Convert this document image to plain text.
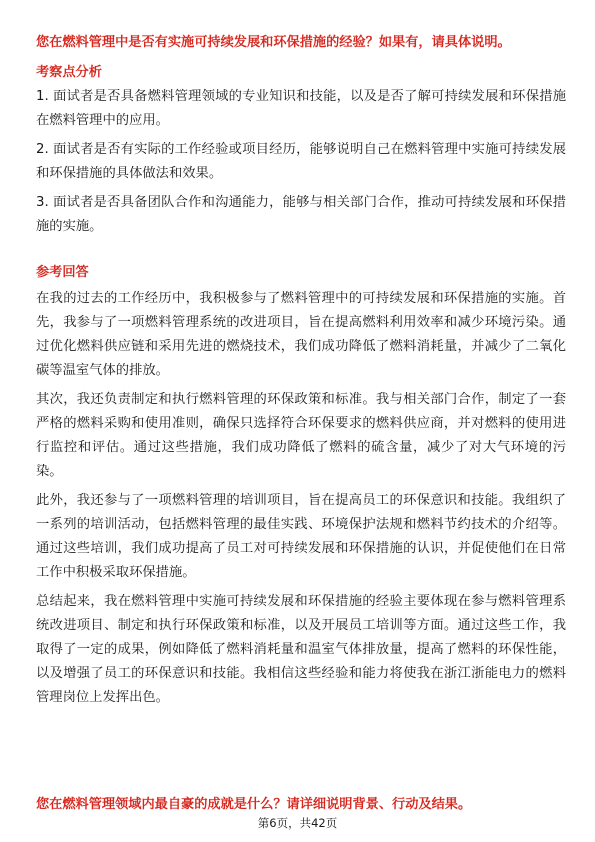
您在燃料管理中是否有实施可持续发展和环保措施的经验？如果有，请具体说明。
考察点分析

1. 面试者是否具备燃料管理领域的专业知识和技能，以及是否了解可持续发展和环保措施在燃料管理中的应用。

2. 面试者是否有实际的工作经验或项目经历，能够说明自己在燃料管理中实施可持续发展和环保措施的具体做法和效果。

3. 面试者是否具备团队合作和沟通能力，能够与相关部门合作，推动可持续发展和环保措施的实施。

参考回答

在我的过去的工作经历中，我积极参与了燃料管理中的可持续发展和环保措施的实施。首先，我参与了一项燃料管理系统的改进项目，旨在提高燃料利用效率和减少环境污染。通过优化燃料供应链和采用先进的燃烧技术，我们成功降低了燃料消耗量，并减少了二氧化碳等温室气体的排放。

其次，我还负责制定和执行燃料管理的环保政策和标准。我与相关部门合作，制定了一套严格的燃料采购和使用准则，确保只选择符合环保要求的燃料供应商，并对燃料的使用进行监控和评估。通过这些措施，我们成功降低了燃料的硫含量，减少了对大气环境的污染。

此外，我还参与了一项燃料管理的培训项目，旨在提高员工的环保意识和技能。我组织了一系列的培训活动，包括燃料管理的最佳实践、环境保护法规和燃料节约技术的介绍等。通过这些培训，我们成功提高了员工对可持续发展和环保措施的认识，并促使他们在日常工作中积极采取环保措施。

总结起来，我在燃料管理中实施可持续发展和环保措施的经验主要体现在参与燃料管理系统改进项目、制定和执行环保政策和标准，以及开展员工培训等方面。通过这些工作，我取得了一定的成果，例如降低了燃料消耗量和温室气体排放量，提高了燃料的环保性能，以及增强了员工的环保意识和技能。我相信这些经验和能力将使我在浙江浙能电力的燃料管理岗位上发挥出色。

您在燃料管理领域内最自豪的成就是什么？请详细说明背景、行动及结果。
第6页，共42页
